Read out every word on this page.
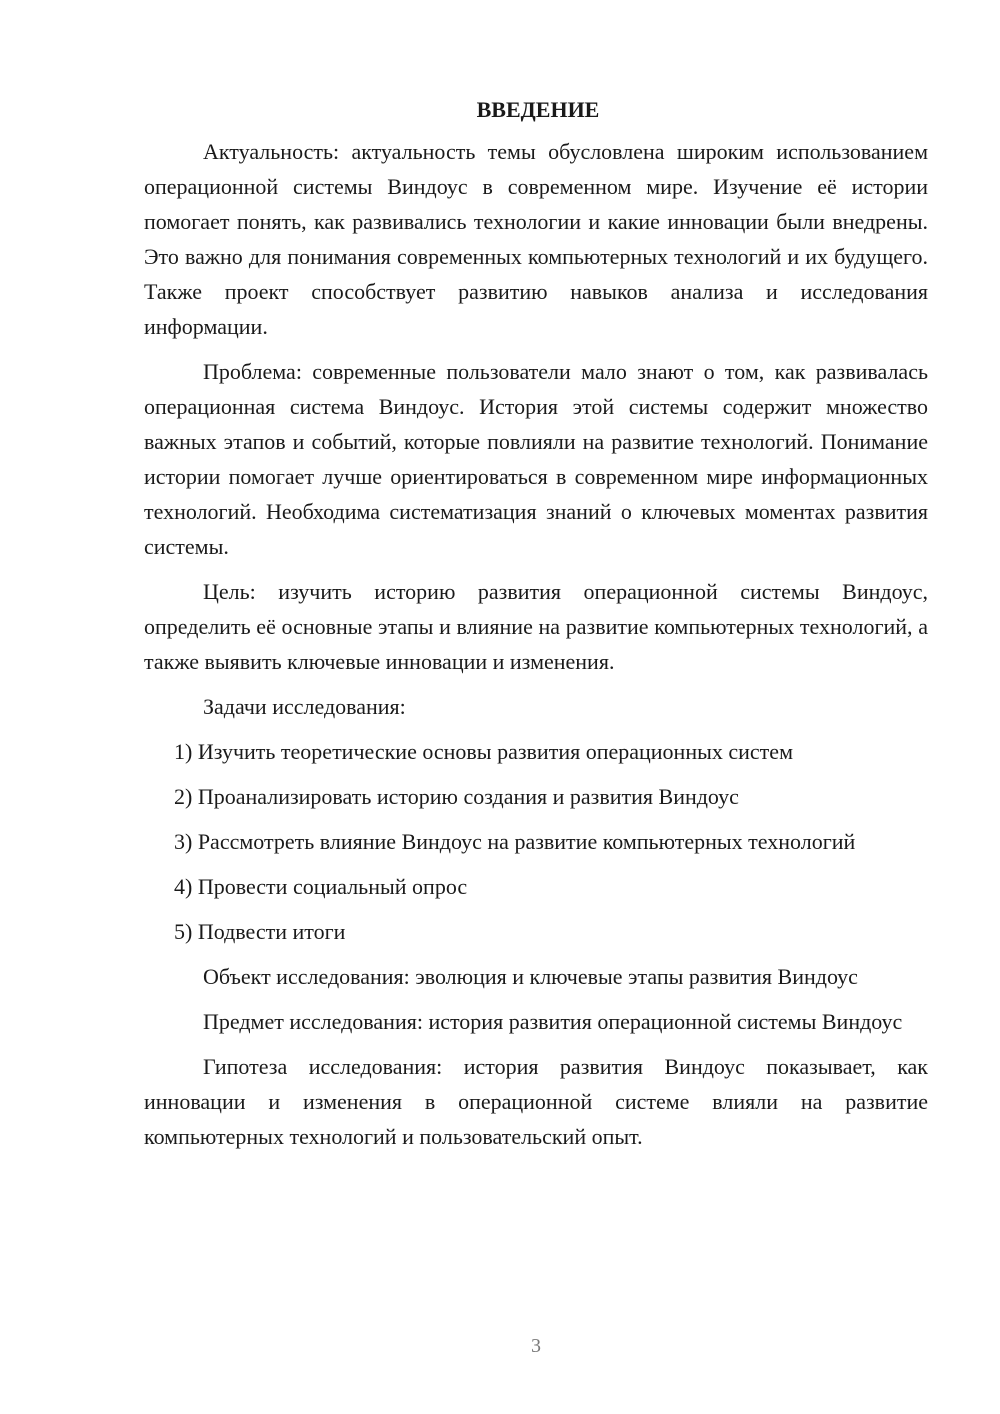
ВВЕДЕНИЕ

Актуальность: актуальность темы обусловлена широким использованием операционной системы Виндоус в современном мире. Изучение её истории помогает понять, как развивались технологии и какие инновации были внедрены. Это важно для понимания современных компьютерных технологий и их будущего. Также проект способствует развитию навыков анализа и исследования информации.

Проблема: современные пользователи мало знают о том, как развивалась операционная система Виндоус. История этой системы содержит множество важных этапов и событий, которые повлияли на развитие технологий. Понимание истории помогает лучше ориентироваться в современном мире информационных технологий. Необходима систематизация знаний о ключевых моментах развития системы.

Цель: изучить историю развития операционной системы Виндоус, определить её основные этапы и влияние на развитие компьютерных технологий, а также выявить ключевые инновации и изменения.

Задачи исследования:

1) Изучить теоретические основы развития операционных систем

2) Проанализировать историю создания и развития Виндоус

3) Рассмотреть влияние Виндоус на развитие компьютерных технологий

4) Провести социальный опрос

5) Подвести итоги

Объект исследования: эволюция и ключевые этапы развития Виндоус

Предмет исследования: история развития операционной системы Виндоус

Гипотеза исследования: история развития Виндоус показывает, как инновации и изменения в операционной системе влияли на развитие компьютерных технологий и пользовательский опыт.

3
